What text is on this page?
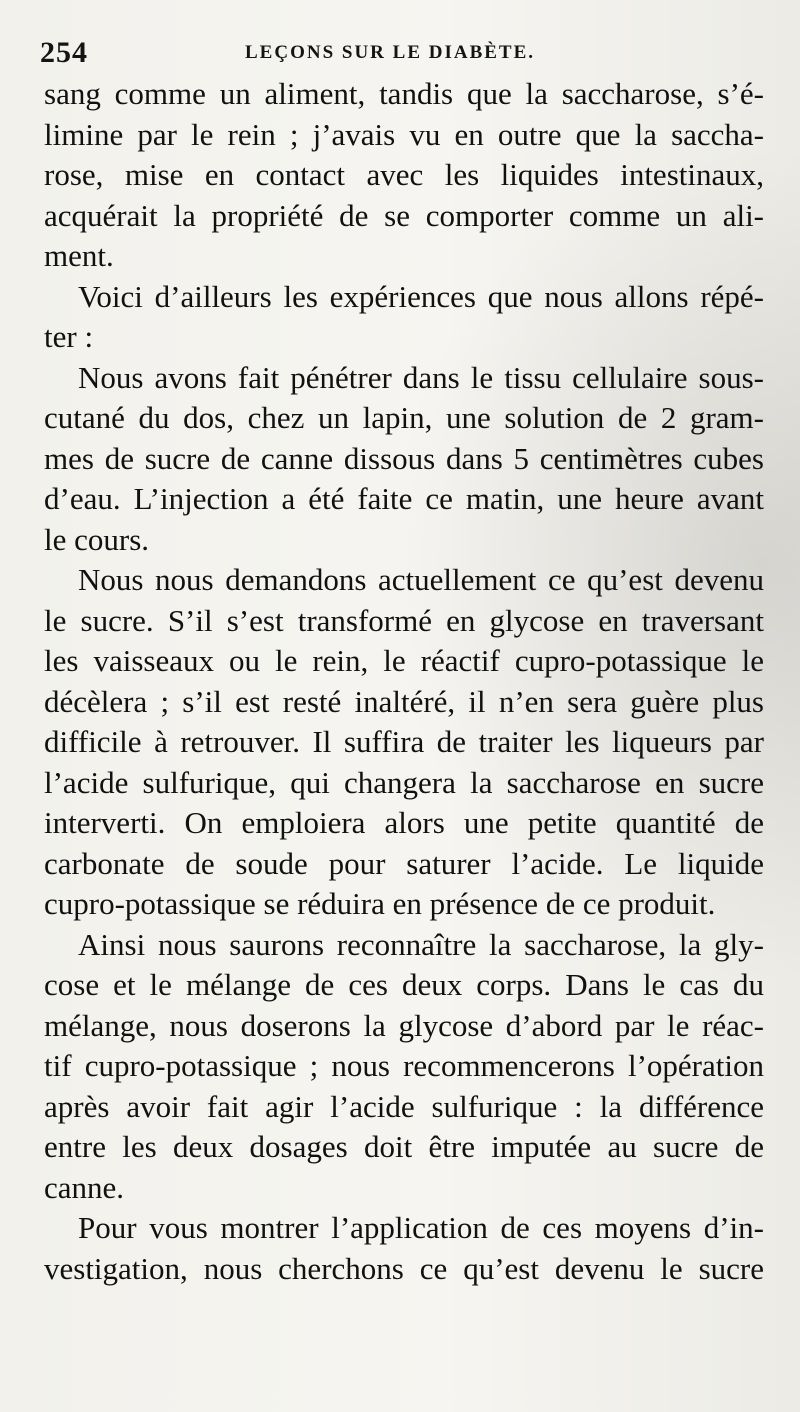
254	LEÇONS SUR LE DIABÈTE.
sang comme un aliment, tandis que la saccharose, s’é-
limine par le rein ; j’avais vu en outre que la saccha-
rose, mise en contact avec les liquides intestinaux,
acquérait la propriété de se comporter comme un ali-
ment.
Voici d’ailleurs les expériences que nous allons répé-
ter :
Nous avons fait pénétrer dans le tissu cellulaire sous-
cutané du dos, chez un lapin, une solution de 2 gram-
mes de sucre de canne dissous dans 5 centimètres cubes
d’eau. L’injection a été faite ce matin, une heure avant
le cours.
Nous nous demandons actuellement ce qu’est devenu
le sucre. S’il s’est transformé en glycose en traversant
les vaisseaux ou le rein, le réactif cupro-potassique le
décèlera ; s’il est resté inaltéré, il n’en sera guère plus
difficile à retrouver. Il suffira de traiter les liqueurs par
l’acide sulfurique, qui changera la saccharose en sucre
interverti. On emploiera alors une petite quantité de
carbonate de soude pour saturer l’acide. Le liquide
cupro-potassique se réduira en présence de ce produit.
Ainsi nous saurons reconnaître la saccharose, la gly-
cose et le mélange de ces deux corps. Dans le cas du
mélange, nous doserons la glycose d’abord par le réac-
tif cupro-potassique ; nous recommencerons l’opération
après avoir fait agir l’acide sulfurique : la différence
entre les deux dosages doit être imputée au sucre de
canne.
Pour vous montrer l’application de ces moyens d’in-
vestigation, nous cherchons ce qu’est devenu le sucre
